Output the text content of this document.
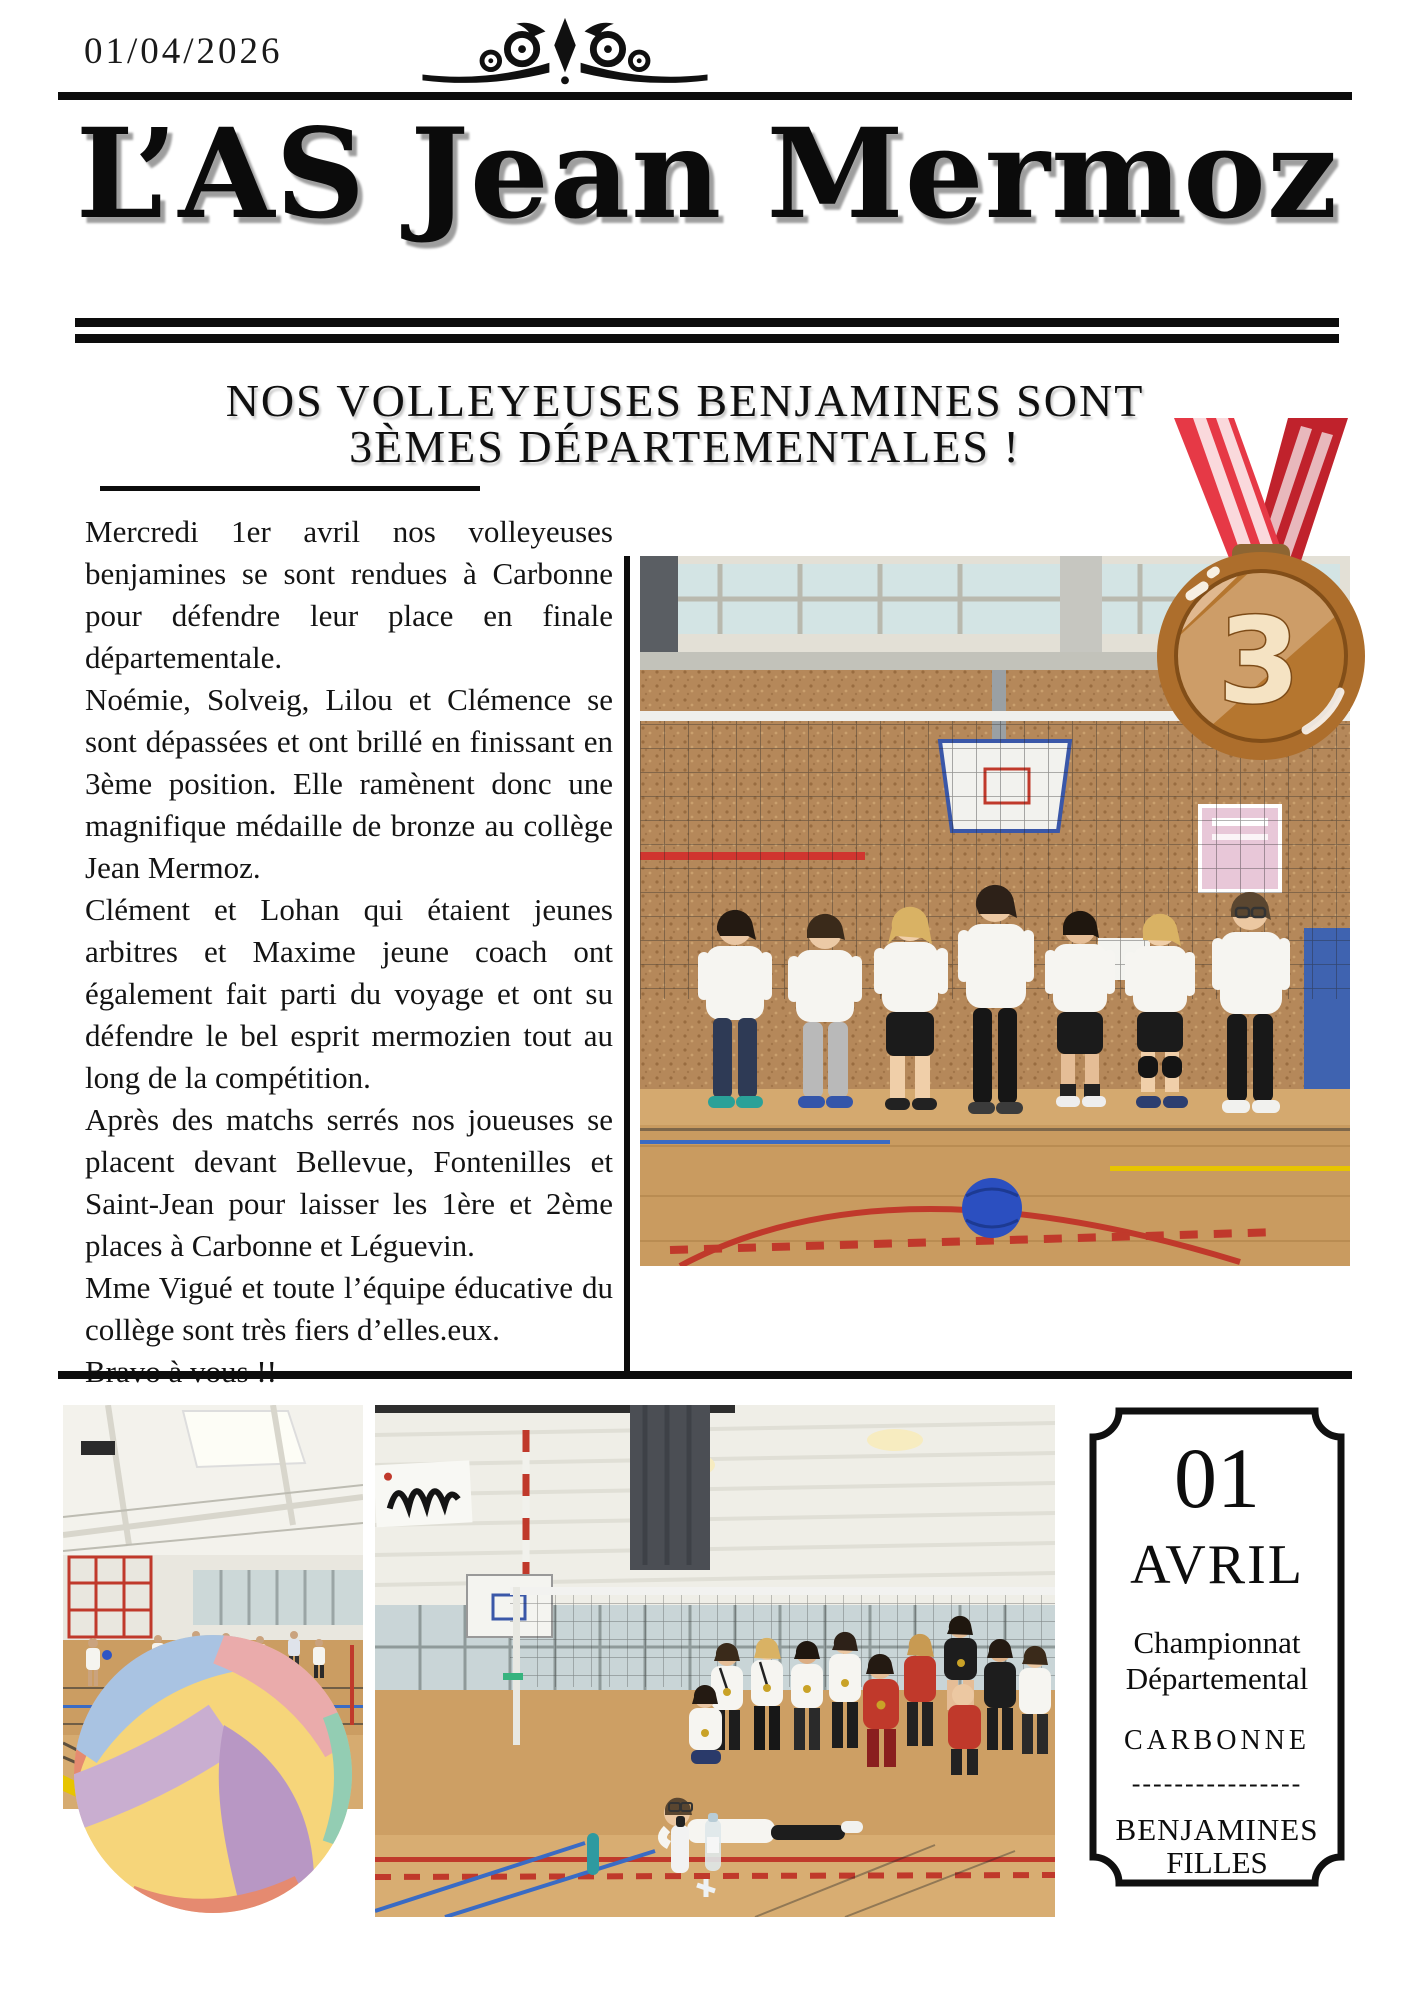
01/04/2026
L’AS Jean Mermoz
NOS VOLLEYEUSES BENJAMINES SONT
3ÈMES DÉPARTEMENTALES !

Mercredi 1er avril nos volleyeuses benjamines se sont rendues à Carbonne pour défendre leur place en finale départementale.

Noémie, Solveig, Lilou et Clémence se sont dépassées et ont brillé en finissant en 3ème position. Elle ramènent donc une magnifique médaille de bronze au collège Jean Mermoz.

Clément et Lohan qui étaient jeunes arbitres et Maxime jeune coach ont également fait parti du voyage et ont su défendre le bel esprit mermozien tout au long de la compétition.

Après des matchs serrés nos joueuses se placent devant Bellevue, Fontenilles et Saint-Jean pour laisser les 1ère et 2ème places à Carbonne et Léguevin.

Mme Vigué et toute l’équipe éducative du collège sont très fiers d’elles.eux.

3
01
AVRIL
Championnat
Départemental
CARBONNE
----------------
BENJAMINES
FILLES
